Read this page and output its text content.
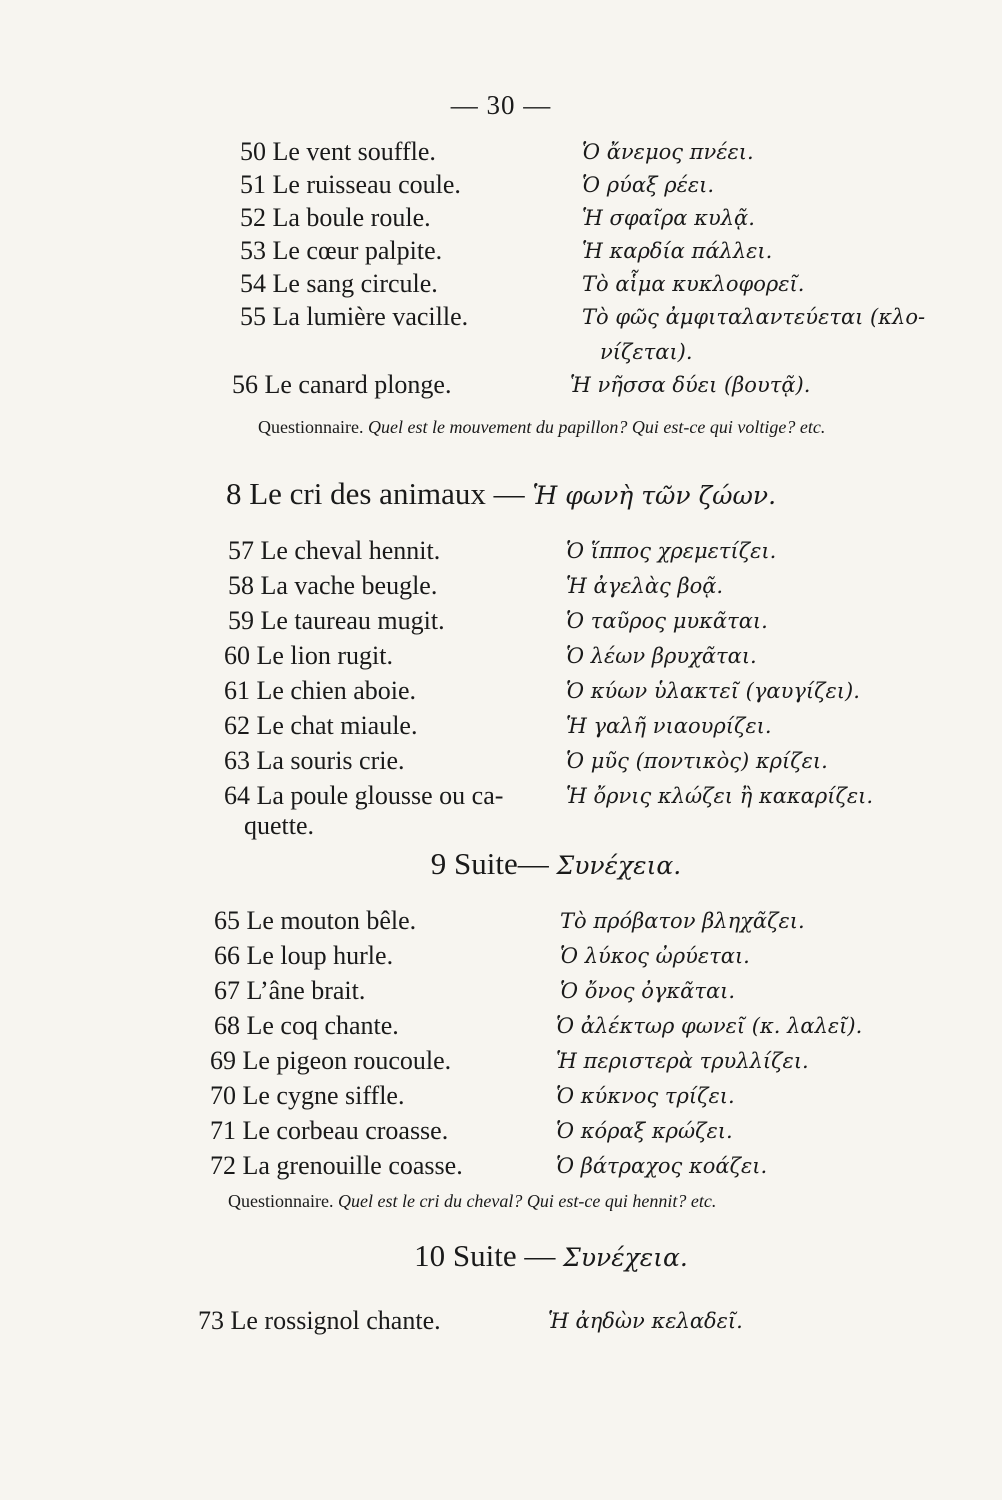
— 30 —
50 Le vent souffle.	Ὁ ἄνεμος πνέει.
51 Le ruisseau coule.	Ὁ ρύαξ ρέει.
52 La boule roule.	Ἡ σφαῖρα κυλᾷ.
53 Le cœur palpite.	Ἡ καρδία πάλλει.
54 Le sang circule.	Τὸ αἷμα κυκλοφορεῖ.
55 La lumière vacille.	Τὸ φῶς ἀμφιταλαντεύεται (κλο-
νίζεται).
56 Le canard plonge.	Ἡ νῆσσα δύει (βουτᾷ).
Questionnaire. Quel est le mouvement du papillon? Qui est-ce qui voltige? etc.
8 Le cri des animaux — Ἡ φωνὴ τῶν ζώων.
57 Le cheval hennit.	Ὁ ἵππος χρεμετίζει.
58 La vache beugle.	Ἡ ἀγελὰς βοᾷ.
59 Le taureau mugit.	Ὁ ταῦρος μυκᾶται.
60 Le lion rugit.	Ὁ λέων βρυχᾶται.
61 Le chien aboie.	Ὁ κύων ὑλακτεῖ (γαυγίζει).
62 Le chat miaule.	Ἡ γαλῆ νιαουρίζει.
63 La souris crie.	Ὁ μῦς (ποντικὸς) κρίζει.
64 La poule glousse ou ca-	Ἡ ὄρνις κλώζει ἢ κακαρίζει.
quette.
9 Suite— Συνέχεια.
65 Le mouton bêle.	Τὸ πρόβατον βληχᾶζει.
66 Le loup hurle.	Ὁ λύκος ὠρύεται.
67 L’âne brait.	Ὁ ὄνος ὀγκᾶται.
68 Le coq chante.	Ὁ ἀλέκτωρ φωνεῖ (κ. λαλεῖ).
69 Le pigeon roucoule.	Ἡ περιστερὰ τρυλλίζει.
70 Le cygne siffle.	Ὁ κύκνος τρίζει.
71 Le corbeau croasse.	Ὁ κόραξ κρώζει.
72 La grenouille coasse.	Ὁ βάτραχος κοάζει.
Questionnaire. Quel est le cri du cheval? Qui est-ce qui hennit? etc.
10 Suite — Συνέχεια.
73 Le rossignol chante.	Ἡ ἀηδὼν κελαδεῖ.
